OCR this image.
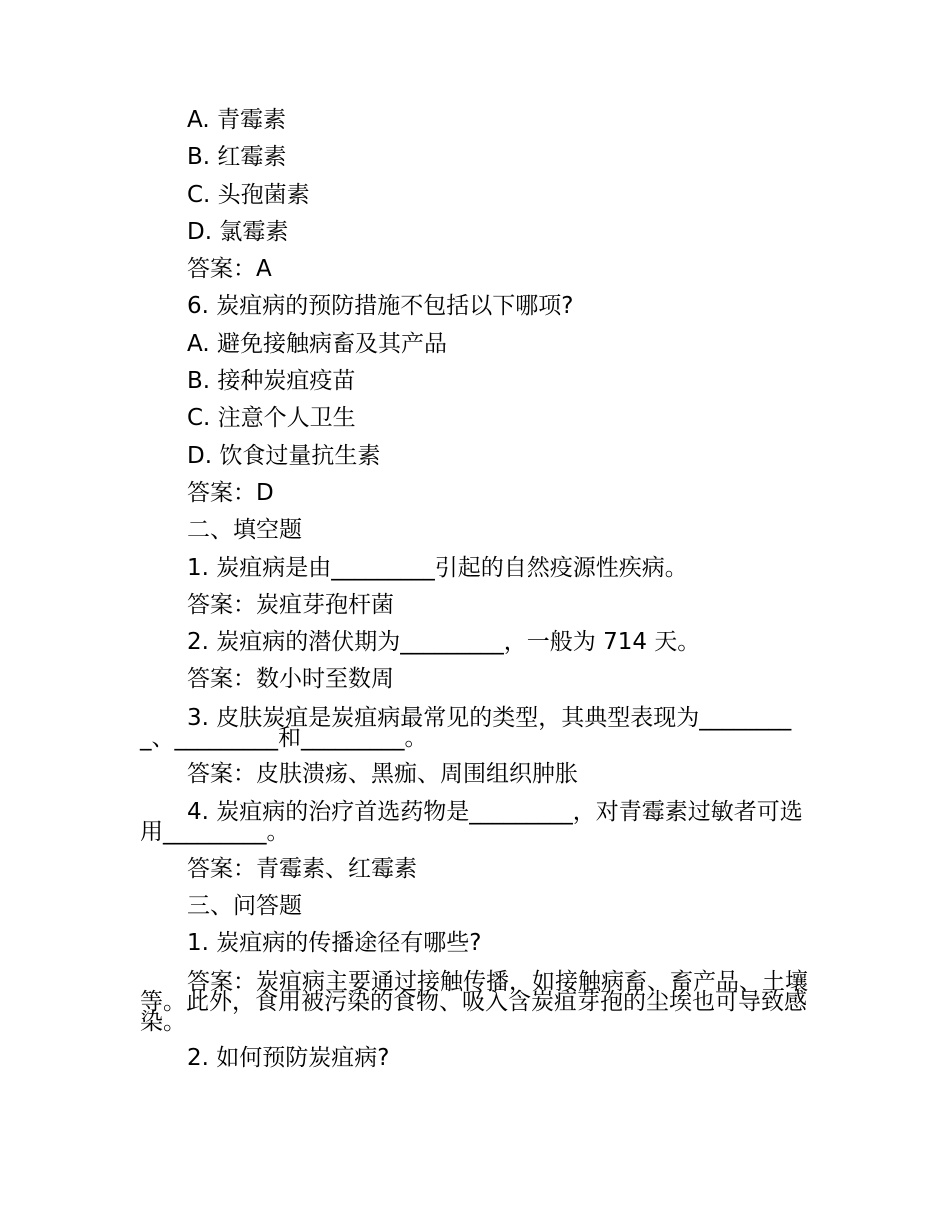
A. 青霉素
B. 红霉素
C. 头孢菌素
D. 氯霉素
答案：A
6. 炭疽病的预防措施不包括以下哪项?
A. 避免接触病畜及其产品
B. 接种炭疽疫苗
C. 注意个人卫生
D. 饮食过量抗生素
答案：D
二、填空题
1. 炭疽病是由_________引起的自然疫源性疾病。
答案：炭疽芽孢杆菌
2. 炭疽病的潜伏期为_________，一般为 714 天。
答案：数小时至数周
3. 皮肤炭疽是炭疽病最常见的类型，其典型表现为_________、_________和_________。
答案：皮肤溃疡、黑痂、周围组织肿胀
4. 炭疽病的治疗首选药物是_________，对青霉素过敏者可选用_________。
答案：青霉素、红霉素
三、问答题
1. 炭疽病的传播途径有哪些?
答案：炭疽病主要通过接触传播，如接触病畜、畜产品、土壤等。此外，食用被污染的食物、吸入含炭疽芽孢的尘埃也可导致感染。
2. 如何预防炭疽病?
